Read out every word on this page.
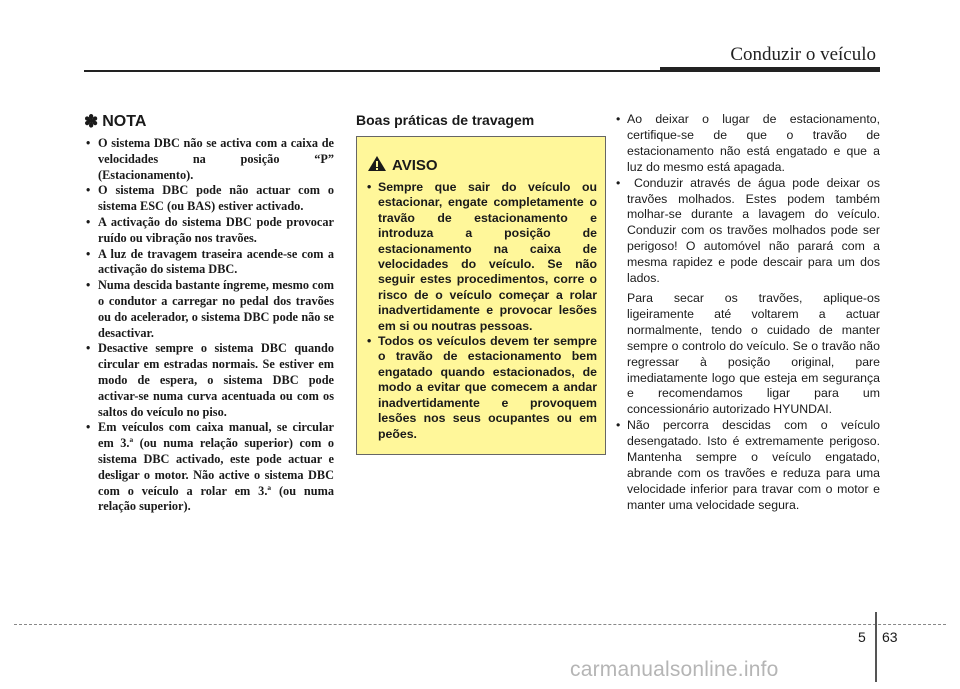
Conduzir o veículo
✽ NOTA
• O sistema DBC não se activa com a caixa de velocidades na posição “P” (Estacionamento).
• O sistema DBC pode não actuar com o sistema ESC (ou BAS) estiver activado.
• A activação do sistema DBC pode provocar ruído ou vibração nos travões.
• A luz de travagem traseira acende-se com a activação do sistema DBC.
• Numa descida bastante íngreme, mesmo com o condutor a carregar no pedal dos travões ou do acelerador, o sistema DBC pode não se desactivar.
• Desactive sempre o sistema DBC quando circular em estradas normais. Se estiver em modo de espera, o sistema DBC pode activar-se numa curva acentuada ou com os saltos do veículo no piso.
• Em veículos com caixa manual, se circular em 3.ª (ou numa relação superior) com o sistema DBC activado, este pode actuar e desligar o motor. Não active o sistema DBC com o veículo a rolar em 3.ª (ou numa relação superior).
Boas práticas de travagem
AVISO
• Sempre que sair do veículo ou estacionar, engate completamente o travão de estacionamento e introduza a posição de estacionamento na caixa de velocidades do veículo. Se não seguir estes procedimentos, corre o risco de o veículo começar a rolar inadvertidamente e provocar lesões em si ou noutras pessoas.
• Todos os veículos devem ter sempre o travão de estacionamento bem engatado quando estacionados, de modo a evitar que comecem a andar inadvertidamente e provoquem lesões nos seus ocupantes ou em peões.
• Ao deixar o lugar de estacionamento, certifique-se de que o travão de estacionamento não está engatado e que a luz do mesmo está apagada.
• Conduzir através de água pode deixar os travões molhados. Estes podem também molhar-se durante a lavagem do veículo. Conduzir com os travões molhados pode ser perigoso! O automóvel não parará com a mesma rapidez e pode descair para um dos lados.

Para secar os travões, aplique-os ligeiramente até voltarem a actuar normalmente, tendo o cuidado de manter sempre o controlo do veículo. Se o travão não regressar à posição original, pare imediatamente logo que esteja em segurança e recomendamos ligar para um concessionário autorizado HYUNDAI.

• Não percorra descidas com o veículo desengatado. Isto é extremamente perigoso. Mantenha sempre o veículo engatado, abrande com os travões e reduza para uma velocidade inferior para travar com o motor e manter uma velocidade segura.
5 63
carmanualsonline.info
